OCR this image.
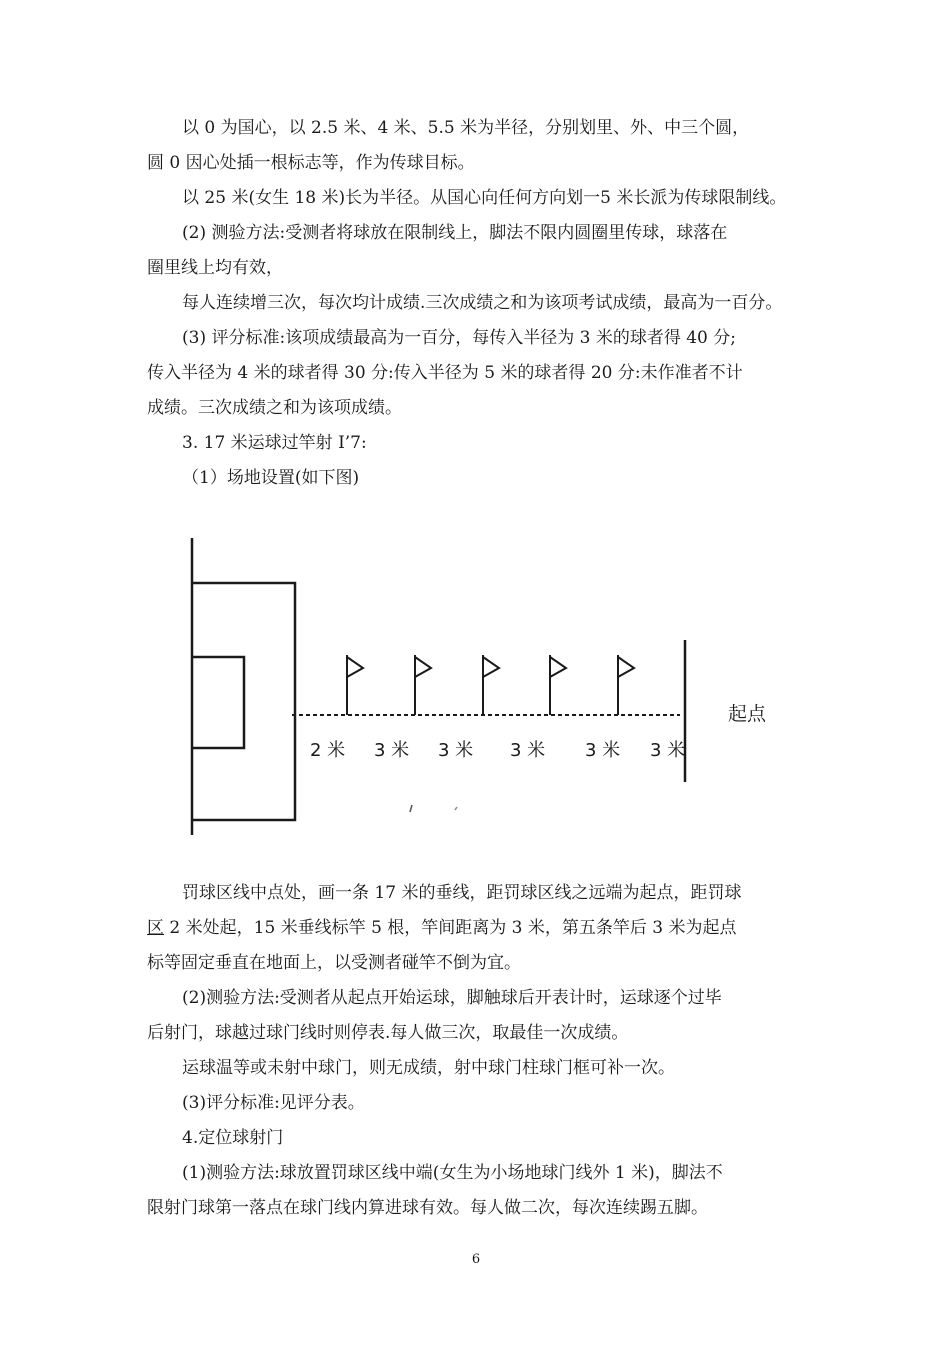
以 0 为国心，以 2.5 米、4 米、5.5 米为半径，分别划里、外、中三个圆，
圆 0 因心处插一根标志等，作为传球目标。
以 25 米(女生 18 米)长为半径。从国心向任何方向划一5 米长派为传球限制线。
(2) 测验方法:受测者将球放在限制线上，脚法不限内圆圈里传球，球落在
圈里线上均有效，
每人连续增三次，每次均计成绩.三次成绩之和为该项考试成绩，最高为一百分。
(3) 评分标准:该项成绩最高为一百分，每传入半径为 3 米的球者得 40 分;
传入半径为 4 米的球者得 30 分:传入半径为 5 米的球者得 20 分:未作准者不计
成绩。三次成绩之和为该项成绩。
3. 17 米运球过竿射 I’7:
（1）场地设置(如下图)
2 米 3 米 3 米 3 米 3 米 3 米
起点
罚球区线中点处，画一条 17 米的垂线，距罚球区线之远端为起点，距罚球
区 2 米处起，15 米垂线标竿 5 根，竿间距离为 3 米，第五条竿后 3 米为起点
标等固定垂直在地面上，以受测者碰竿不倒为宜。
(2)测验方法:受测者从起点开始运球，脚触球后开表计时，运球逐个过毕
后射门，球越过球门线时则停表.每人做三次，取最佳一次成绩。
运球温等或未射中球门，则无成绩，射中球门柱球门框可补一次。
(3)评分标准:见评分表。
4.定位球射门
(1)测验方法:球放置罚球区线中端(女生为小场地球门线外 1 米)，脚法不
限射门球第一落点在球门线内算进球有效。每人做二次，每次连续踢五脚。
6
